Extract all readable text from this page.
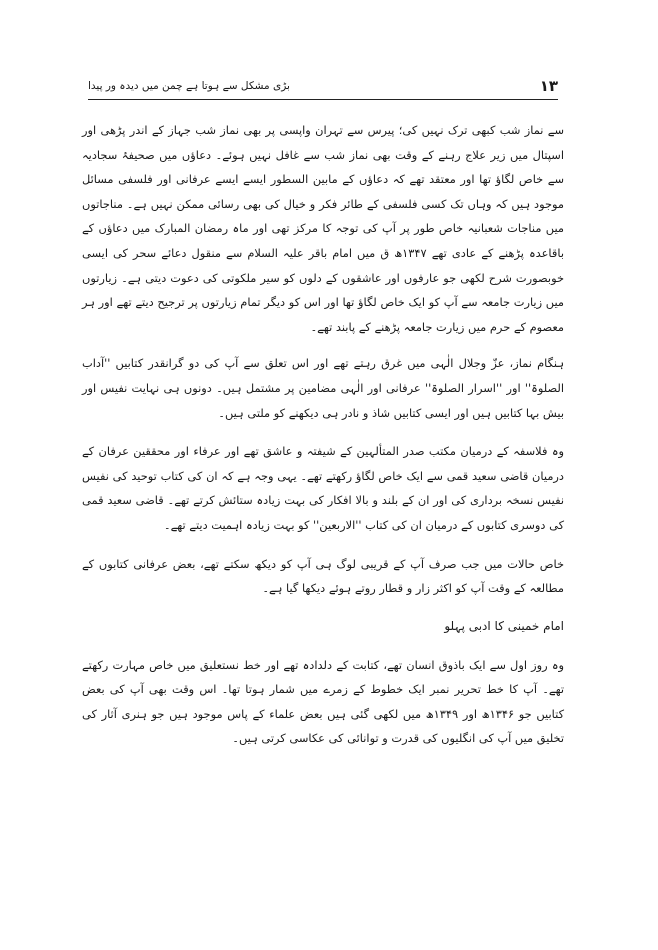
۱۳
بڑی مشکل سے ہوتا ہے چمن میں دیدہ ور پیدا

سے نماز شب کبھی ترک نہیں کی؛ پیرس سے تہران واپسی پر بھی نماز شب جہاز کے اندر پڑھی اور اسپتال میں زیر علاج رہنے کے وقت بھی نماز شب سے غافل نہیں ہوئے۔ دعاؤں میں صحیفۂ سجادیہ سے خاص لگاؤ تھا اور معتقد تھے کہ دعاؤں کے مابین السطور ایسے ایسے عرفانی اور فلسفی مسائل موجود ہیں کہ وہاں تک کسی فلسفی کے طائر فکر و خیال کی بھی رسائی ممکن نہیں ہے۔ مناجاتوں میں مناجات شعبانیہ خاص طور پر آپ کی توجہ کا مرکز تھی اور ماہ رمضان المبارک میں دعاؤں کے باقاعدہ پڑھنے کے عادی تھے ۱۳۴۷ھ ق میں امام باقر علیہ السلام سے منقول دعائے سحر کی ایسی خوبصورت شرح لکھی جو عارفوں اور عاشقوں کے دلوں کو سیر ملکوتی کی دعوت دیتی ہے۔ زیارتوں میں زیارت جامعہ سے آپ کو ایک خاص لگاؤ تھا اور اس کو دیگر تمام زیارتوں پر ترجیح دیتے تھے اور ہر معصوم کے حرم میں زیارت جامعہ پڑھنے کے پابند تھے۔

ہنگام نماز، عزّ وجلال الٰہی میں غرق رہتے تھے اور اس تعلق سے آپ کی دو گرانقدر کتابیں ''آداب الصلوۃ'' اور ''اسرار الصلوۃ'' عرفانی اور الٰہی مضامین پر مشتمل ہیں۔ دونوں ہی نہایت نفیس اور بیش بہا کتابیں ہیں اور ایسی کتابیں شاذ و نادر ہی دیکھنے کو ملتی ہیں۔

وہ فلاسفہ کے درمیان مکتب صدر المتألہین کے شیفتہ و عاشق تھے اور عرفاء اور محققین عرفان کے درمیان قاضی سعید قمی سے ایک خاص لگاؤ رکھتے تھے۔ یہی وجہ ہے کہ ان کی کتاب توحید کی نفیس نفیس نسخہ برداری کی اور ان کے بلند و بالا افکار کی بہت زیادہ ستائش کرتے تھے۔ قاضی سعید قمی کی دوسری کتابوں کے درمیان ان کی کتاب ''الاربعین'' کو بہت زیادہ اہمیت دیتے تھے۔

خاص حالات میں جب صرف آپ کے قریبی لوگ ہی آپ کو دیکھ سکتے تھے، بعض عرفانی کتابوں کے مطالعہ کے وقت آپ کو اکثر زار و قطار روتے ہوئے دیکھا گیا ہے۔

امام خمینی کا ادبی پہلو

وہ روز اول سے ایک باذوق انسان تھے، کتابت کے دلدادہ تھے اور خط نستعلیق میں خاص مہارت رکھتے تھے۔ آپ کا خط تحریر نمبر ایک خطوط کے زمرے میں شمار ہوتا تھا۔ اس وقت بھی آپ کی بعض کتابیں جو ۱۳۴۶ھ اور ۱۳۴۹ھ میں لکھی گئی ہیں بعض علماء کے پاس موجود ہیں جو ہنری آثار کی تخلیق میں آپ کی انگلیوں کی قدرت و توانائی کی عکاسی کرتی ہیں۔
